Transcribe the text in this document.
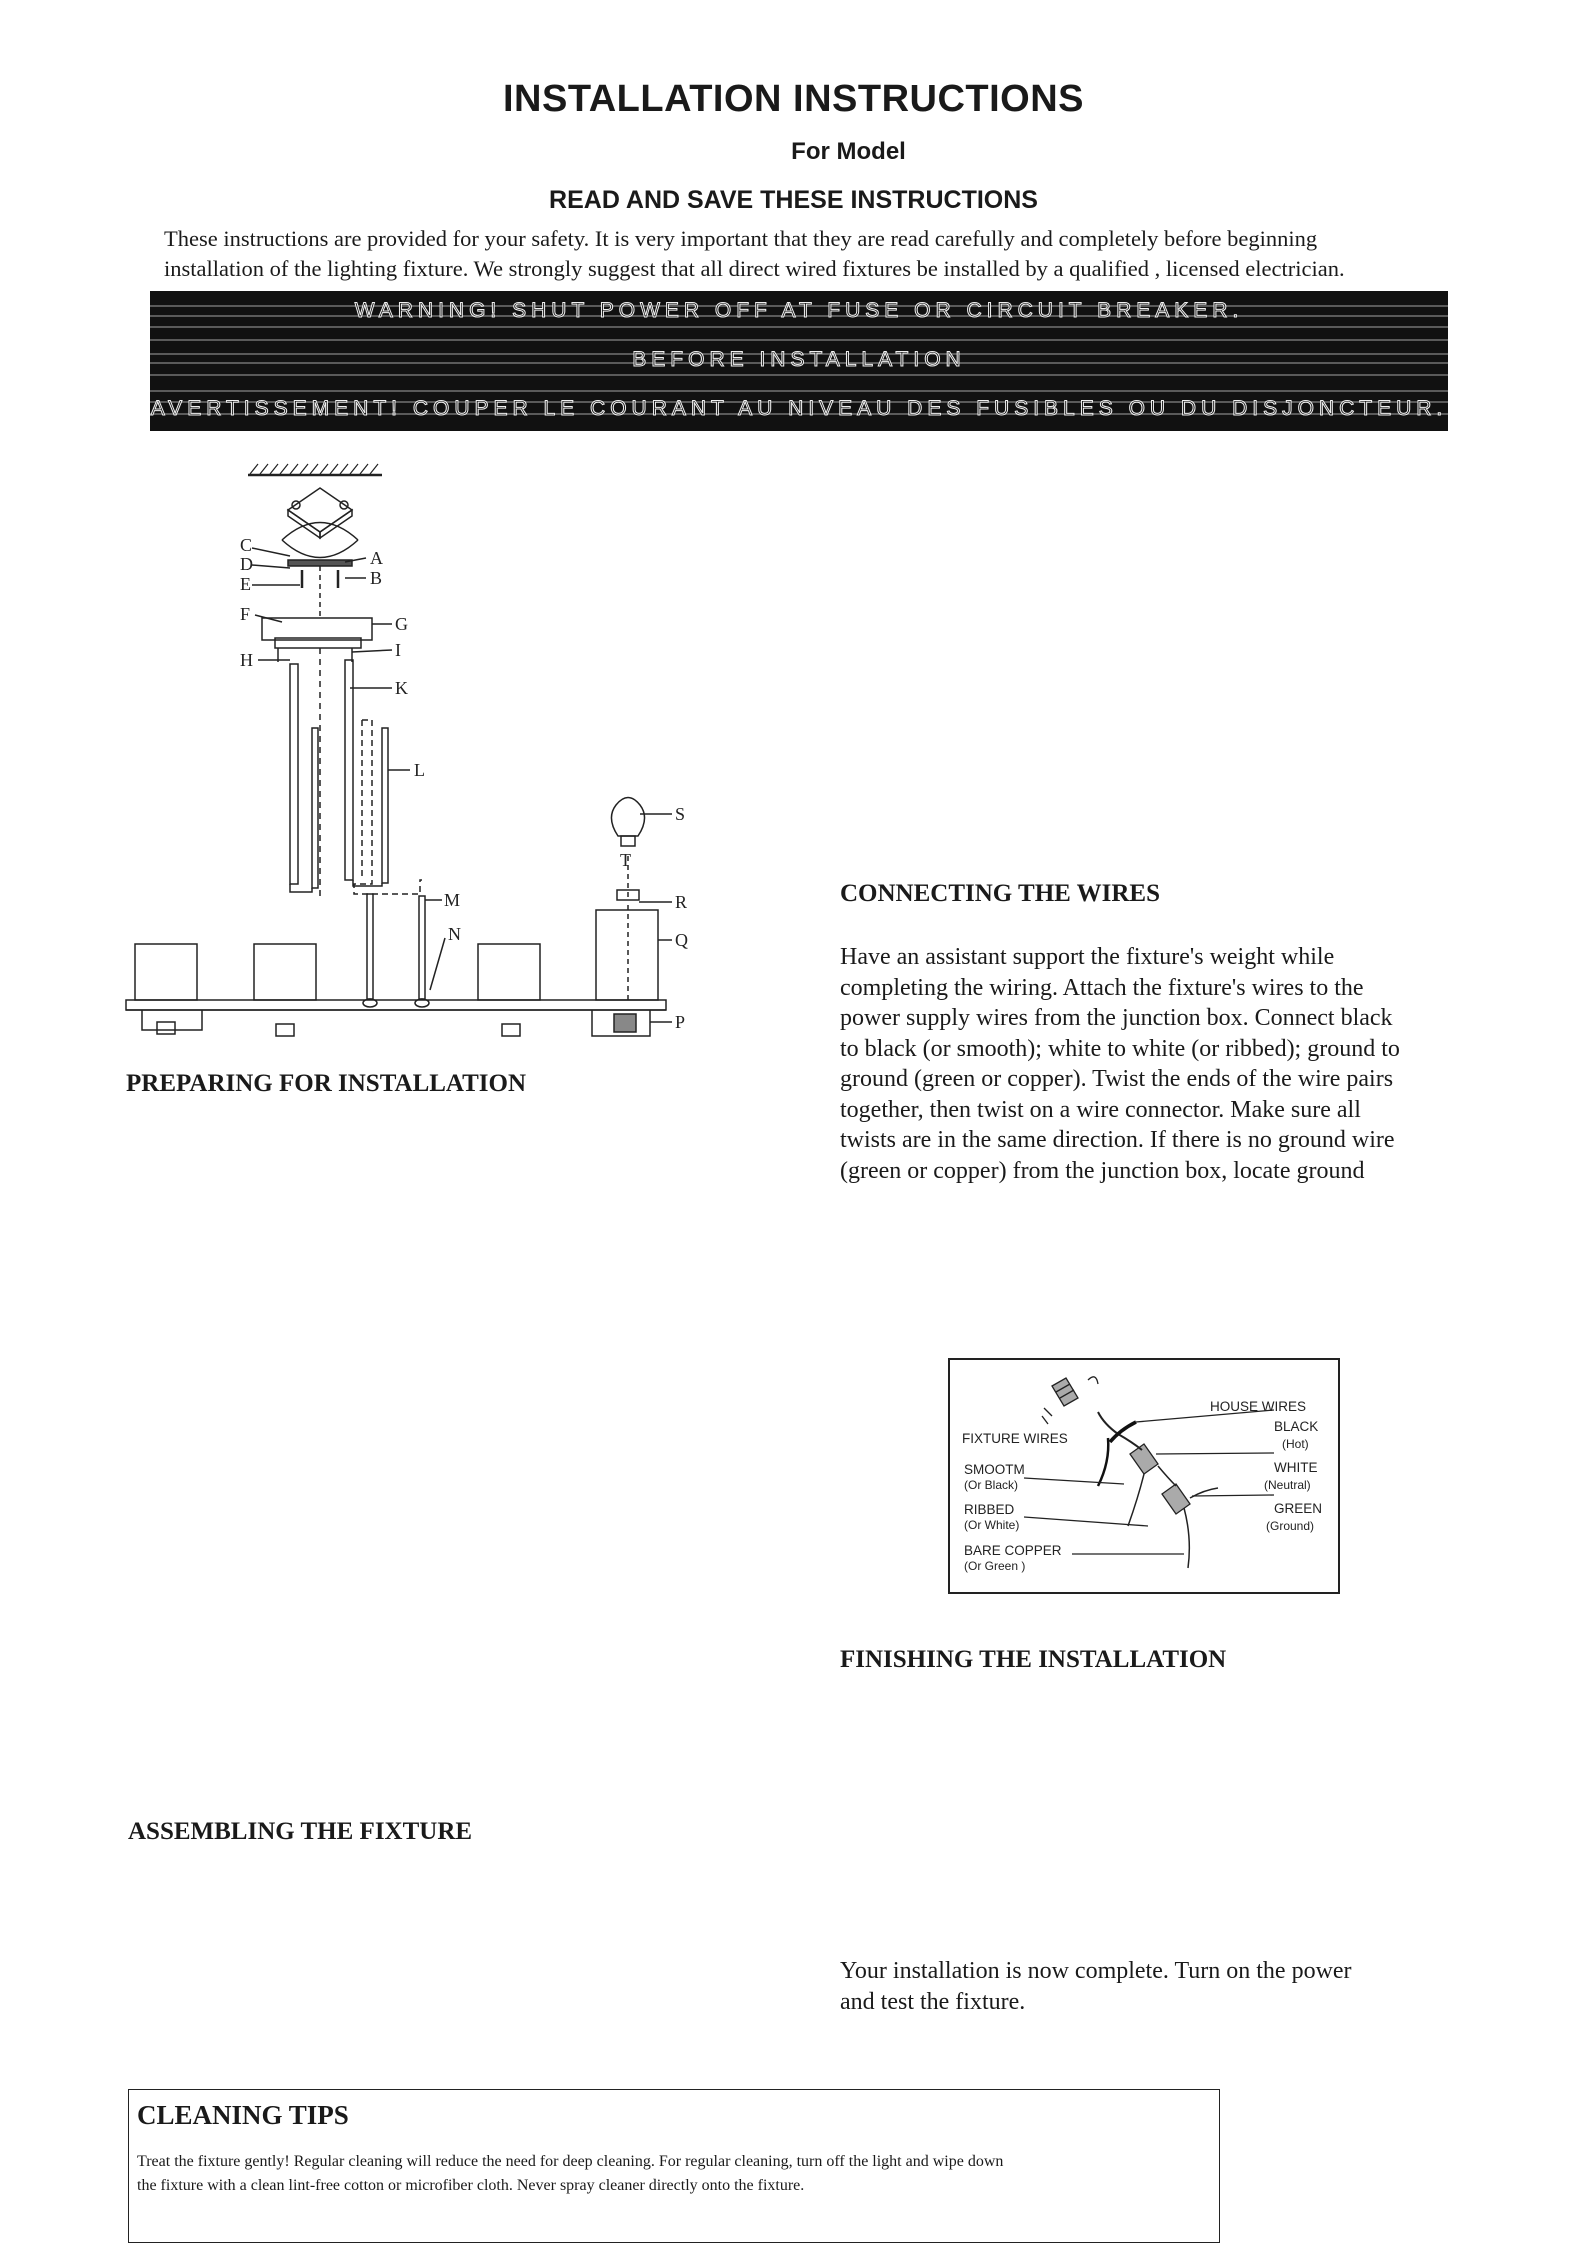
INSTALLATION INSTRUCTIONS
For Model
READ AND SAVE THESE INSTRUCTIONS
These instructions are provided for your safety. It is very important that they are read carefully and completely before beginning
installation of the lighting fixture. We strongly suggest that all direct wired fixtures be installed by a qualified , licensed electrician.
WARNING! SHUT POWER OFF AT FUSE OR CIRCUIT BREAKER.
BEFORE INSTALLATION
AVERTISSEMENT! COUPER LE COURANT AU NIVEAU DES FUSIBLES OU DU DISJONCTEUR.
A
B
C
D
E
F	G
H	I
K
L
M
N
P
Q
R
S
T
PREPARING FOR INSTALLATION
ASSEMBLING THE FIXTURE
CONNECTING THE WIRES
Have an assistant support the fixture's weight while
completing the wiring. Attach the fixture's wires to the
power supply wires from the junction box. Connect black
to black (or smooth); white to white (or ribbed); ground to
ground (green or copper). Twist the ends of the wire pairs
together, then twist on a wire connector. Make sure all
twists are in the same direction. If there is no ground wire
(green or copper) from the junction box, locate ground
HOUSE WIRES
BLACK
(Hot)
WHITE
(Neutral)
GREEN
(Ground)
FIXTURE WIRES
SMOOTM
(Or Black)
RIBBED
(Or White)
BARE COPPER
(Or Green )
FINISHING THE INSTALLATION
Your installation is now complete. Turn on the power
and test the fixture.
CLEANING TIPS
Treat the fixture gently! Regular cleaning will reduce the need for deep cleaning. For regular cleaning, turn off the light and wipe down
the fixture with a clean lint-free cotton or microfiber cloth. Never spray cleaner directly onto the fixture.
